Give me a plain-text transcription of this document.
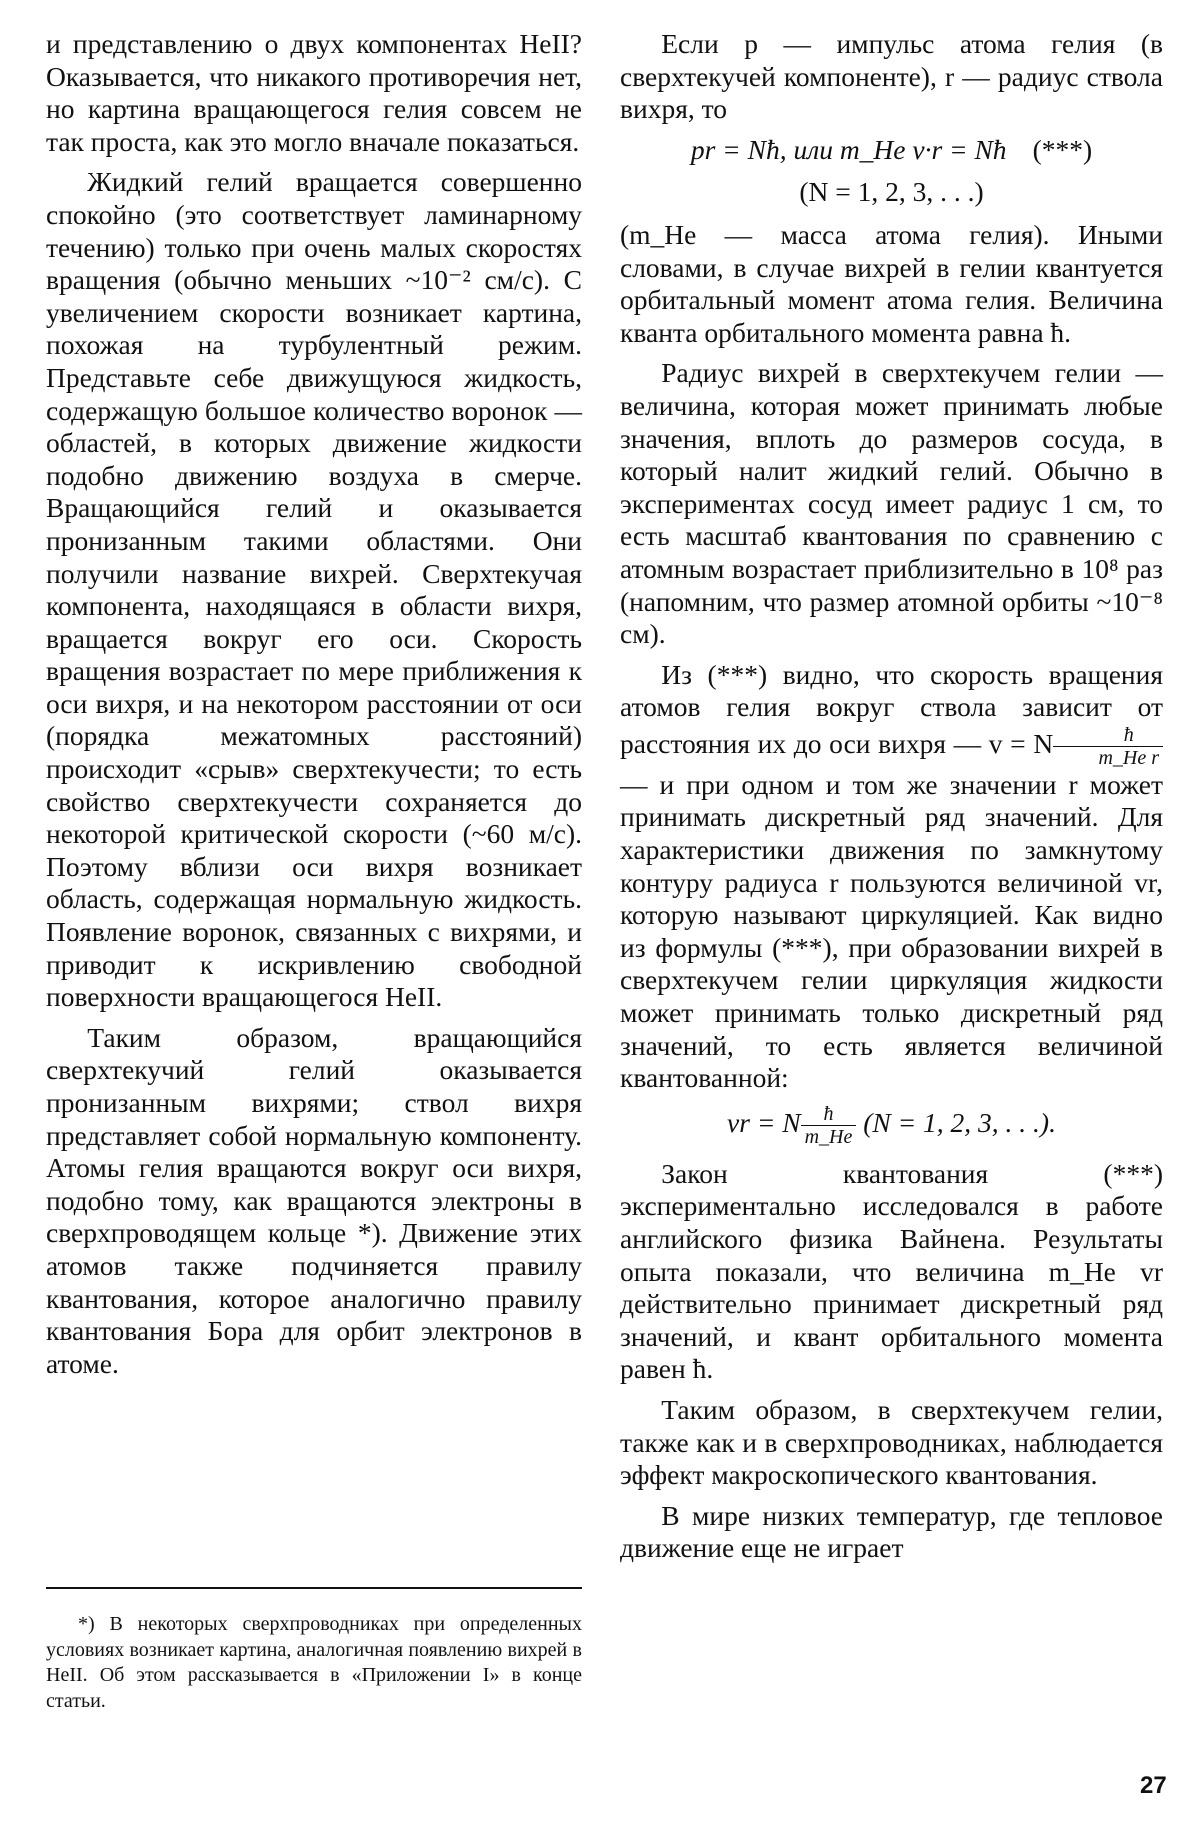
и представлению о двух компонентах HeII? Оказывается, что никакого противоречия нет, но картина вращающегося гелия совсем не так проста, как это могло вначале показаться.

Жидкий гелий вращается совершенно спокойно (это соответствует ламинарному течению) только при очень малых скоростях вращения (обычно меньших ~10⁻² см/с). С увеличением скорости возникает картина, похожая на турбулентный режим. Представьте себе движущуюся жидкость, содержащую большое количество воронок — областей, в которых движение жидкости подобно движению воздуха в смерче. Вращающийся гелий и оказывается пронизанным такими областями. Они получили название вихрей. Сверхтекучая компонента, находящаяся в области вихря, вращается вокруг его оси. Скорость вращения возрастает по мере приближения к оси вихря, и на некотором расстоянии от оси (порядка межатомных расстояний) происходит «срыв» сверхтекучести; то есть свойство сверхтекучести сохраняется до некоторой критической скорости (~60 м/с). Поэтому вблизи оси вихря возникает область, содержащая нормальную жидкость. Появление воронок, связанных с вихрями, и приводит к искривлению свободной поверхности вращающегося HeII.

Таким образом, вращающийся сверхтекучий гелий оказывается пронизанным вихрями; ствол вихря представляет собой нормальную компоненту. Атомы гелия вращаются вокруг оси вихря, подобно тому, как вращаются электроны в сверхпроводящем кольце *). Движение этих атомов также подчиняется правилу квантования, которое аналогично правилу квантования Бора для орбит электронов в атоме.

*) В некоторых сверхпроводниках при определенных условиях возникает картина, аналогичная появлению вихрей в HeII. Об этом рассказывается в «Приложении I» в конце статьи.

Если p — импульс атома гелия (в сверхтекучей компоненте), r — радиус ствола вихря, то

pr = Nħ, или m_He v·r = Nħ (***)
(N = 1, 2, 3, . . .)

(m_He — масса атома гелия). Иными словами, в случае вихрей в гелии квантуется орбитальный момент атома гелия. Величина кванта орбитального момента равна ħ.

Радиус вихрей в сверхтекучем гелии — величина, которая может принимать любые значения, вплоть до размеров сосуда, в который налит жидкий гелий. Обычно в экспериментах сосуд имеет радиус 1 см, то есть масштаб квантования по сравнению с атомным возрастает приблизительно в 10⁸ раз (напомним, что размер атомной орбиты ~10⁻⁸ см).

Из (***) видно, что скорость вращения атомов гелия вокруг ствола зависит от расстояния их до оси вихря — v = N $\frac{ħ}{\text{m\_He r}}$
— и при одном и том же значении r может принимать дискретный ряд значений. Для характеристики движения по замкнутому контуру радиуса r пользуются величиной vr, которую называют циркуляцией. Как видно из формулы (***), при образовании вихрей в сверхтекучем гелии циркуляция жидкости может принимать только дискретный ряд значений, то есть является величиной квантованной:

vr = N $\frac{ħ}{m\_He} (N = 1$, 2, 3, . . .).

Закон квантования (***) экспериментально исследовался в работе английского физика Вайнена. Результаты опыта показали, что величина m_He vr действительно принимает дискретный ряд значений, и квант орбитального момента равен ħ.

Таким образом, в сверхтекучем гелии, также как и в сверхпроводниках, наблюдается эффект макроскопического квантования.

В мире низких температур, где тепловое движение еще не играет

27
